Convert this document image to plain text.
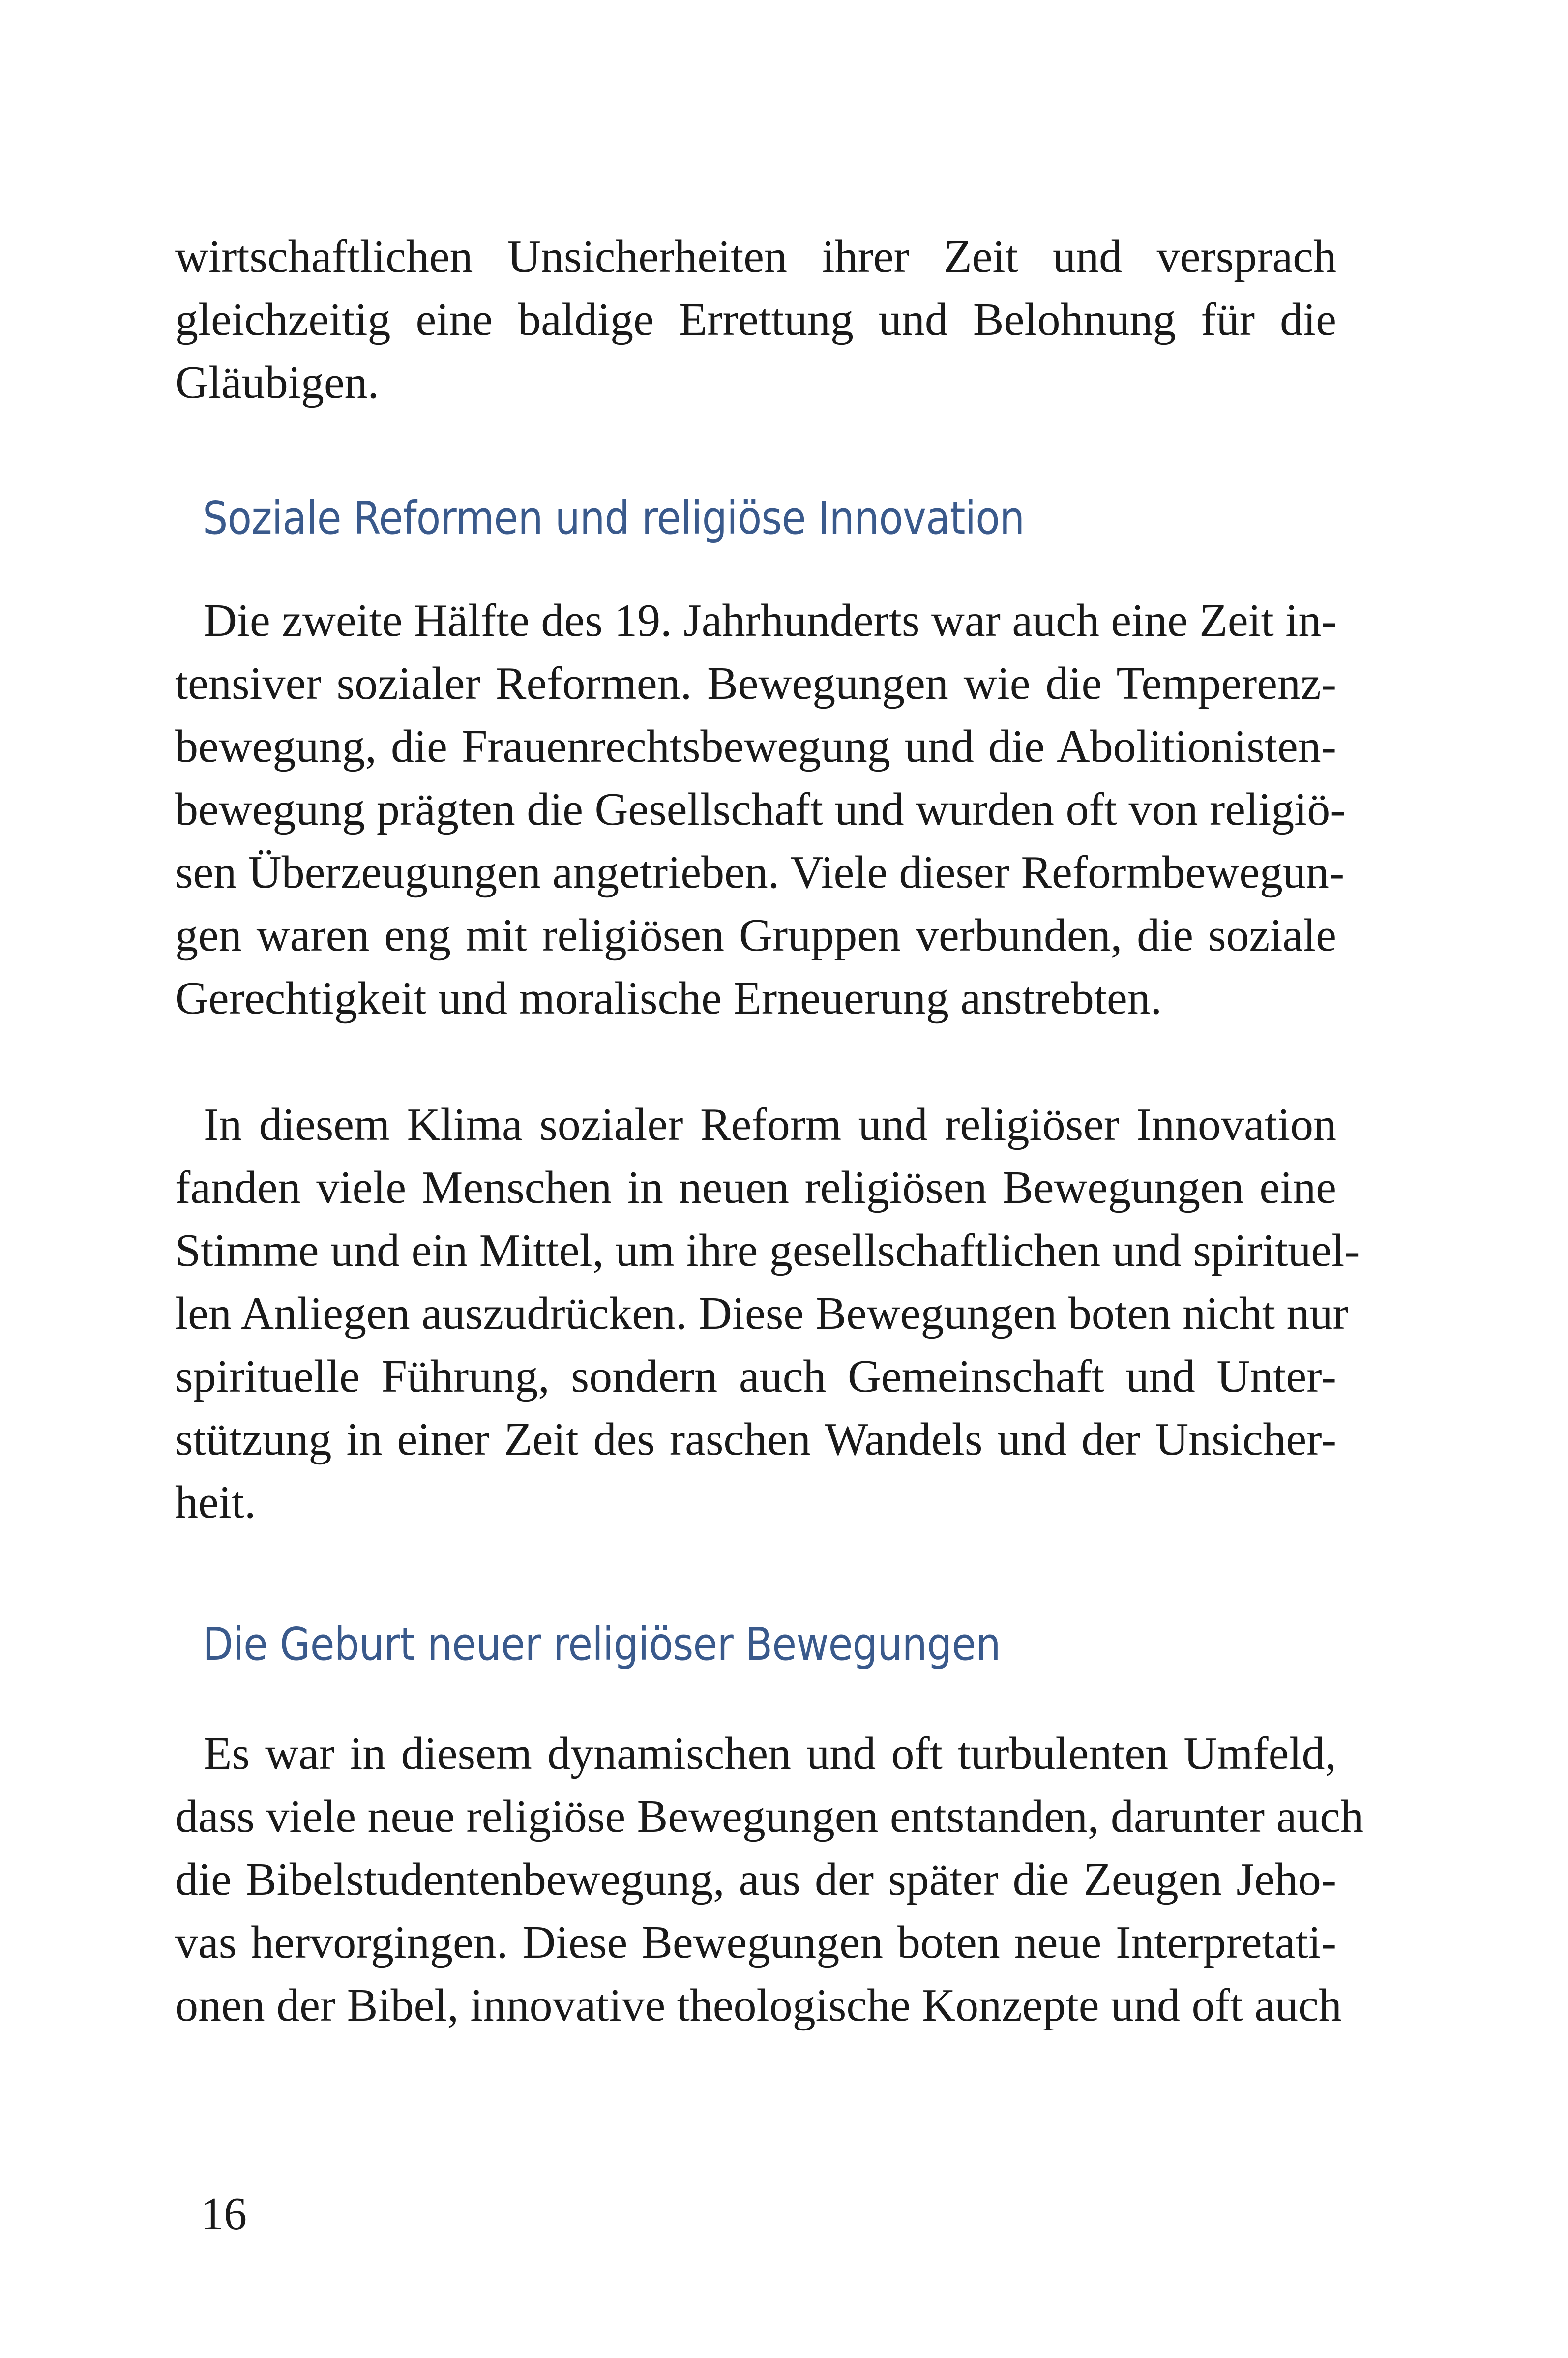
wirtschaftlichen Unsicherheiten ihrer Zeit und versprach
gleichzeitig eine baldige Errettung und Belohnung für die
Gläubigen.
Soziale Reformen und religiöse Innovation
Die zweite Hälfte des 19. Jahrhunderts war auch eine Zeit in-
tensiver sozialer Reformen. Bewegungen wie die Temperenz-
bewegung, die Frauenrechtsbewegung und die Abolitionisten-
bewegung prägten die Gesellschaft und wurden oft von religiö-
sen Überzeugungen angetrieben. Viele dieser Reformbewegun-
gen waren eng mit religiösen Gruppen verbunden, die soziale
Gerechtigkeit und moralische Erneuerung anstrebten.
In diesem Klima sozialer Reform und religiöser Innovation
fanden viele Menschen in neuen religiösen Bewegungen eine
Stimme und ein Mittel, um ihre gesellschaftlichen und spirituel-
len Anliegen auszudrücken. Diese Bewegungen boten nicht nur
spirituelle Führung, sondern auch Gemeinschaft und Unter-
stützung in einer Zeit des raschen Wandels und der Unsicher-
heit.
Die Geburt neuer religiöser Bewegungen
Es war in diesem dynamischen und oft turbulenten Umfeld,
dass viele neue religiöse Bewegungen entstanden, darunter auch
die Bibelstudentenbewegung, aus der später die Zeugen Jeho-
vas hervorgingen. Diese Bewegungen boten neue Interpretati-
onen der Bibel, innovative theologische Konzepte und oft auch
16
